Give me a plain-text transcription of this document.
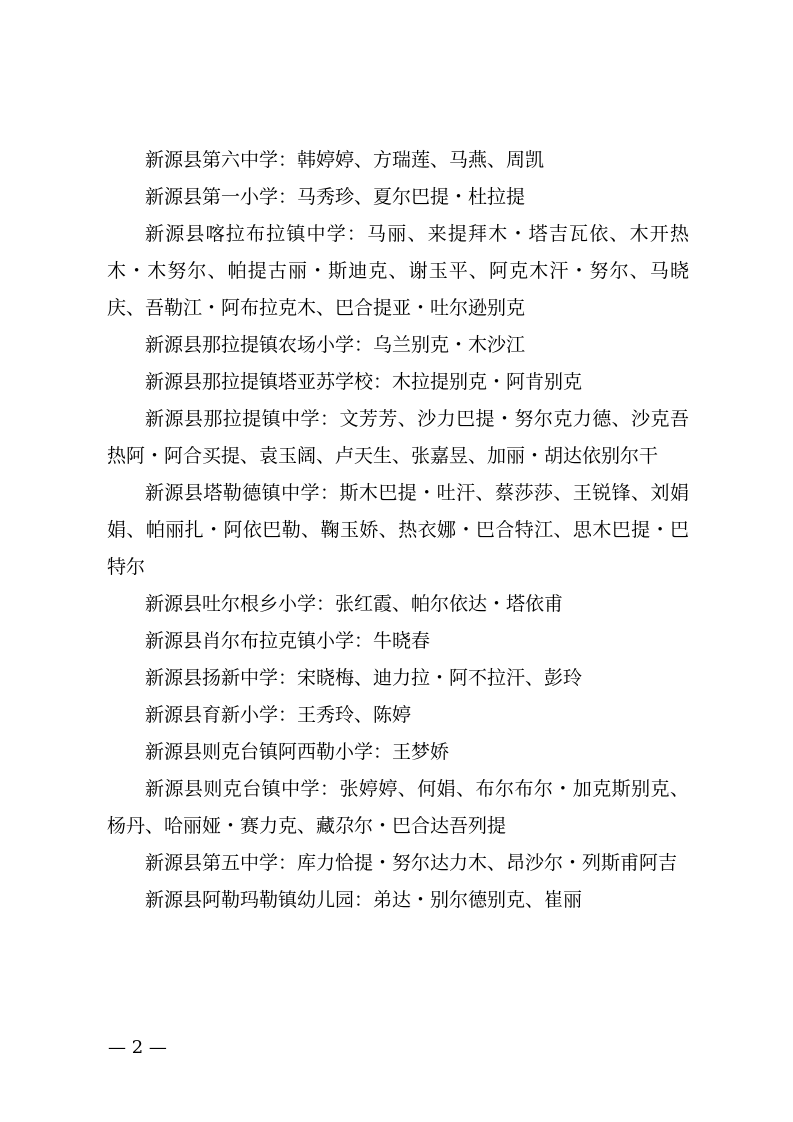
新源县第六中学：韩婷婷、方瑞莲、马燕、周凯

新源县第一小学：马秀珍、夏尔巴提・杜拉提

新源县喀拉布拉镇中学：马丽、来提拜木・塔吉瓦依、木开热木・木努尔、帕提古丽・斯迪克、谢玉平、阿克木汗・努尔、马晓庆、吾勒江・阿布拉克木、巴合提亚・吐尔逊别克

新源县那拉提镇农场小学：乌兰别克・木沙江

新源县那拉提镇塔亚苏学校：木拉提别克・阿肯别克

新源县那拉提镇中学：文芳芳、沙力巴提・努尔克力德、沙克吾热阿・阿合买提、袁玉阔、卢天生、张嘉昱、加丽・胡达依别尔干

新源县塔勒德镇中学：斯木巴提・吐汗、蔡莎莎、王锐锋、刘娟娟、帕丽扎・阿依巴勒、鞠玉娇、热衣娜・巴合特江、思木巴提・巴特尔

新源县吐尔根乡小学：张红霞、帕尔依达・塔依甫

新源县肖尔布拉克镇小学：牛晓春

新源县扬新中学：宋晓梅、迪力拉・阿不拉汗、彭玲

新源县育新小学：王秀玲、陈婷

新源县则克台镇阿西勒小学：王梦娇

新源县则克台镇中学：张婷婷、何娟、布尔布尔・加克斯别克、杨丹、哈丽娅・赛力克、藏尕尔・巴合达吾列提

新源县第五中学：库力恰提・努尔达力木、昂沙尔・列斯甫阿吉

新源县阿勒玛勒镇幼儿园：弟达・别尔德别克、崔丽

— 2 —
